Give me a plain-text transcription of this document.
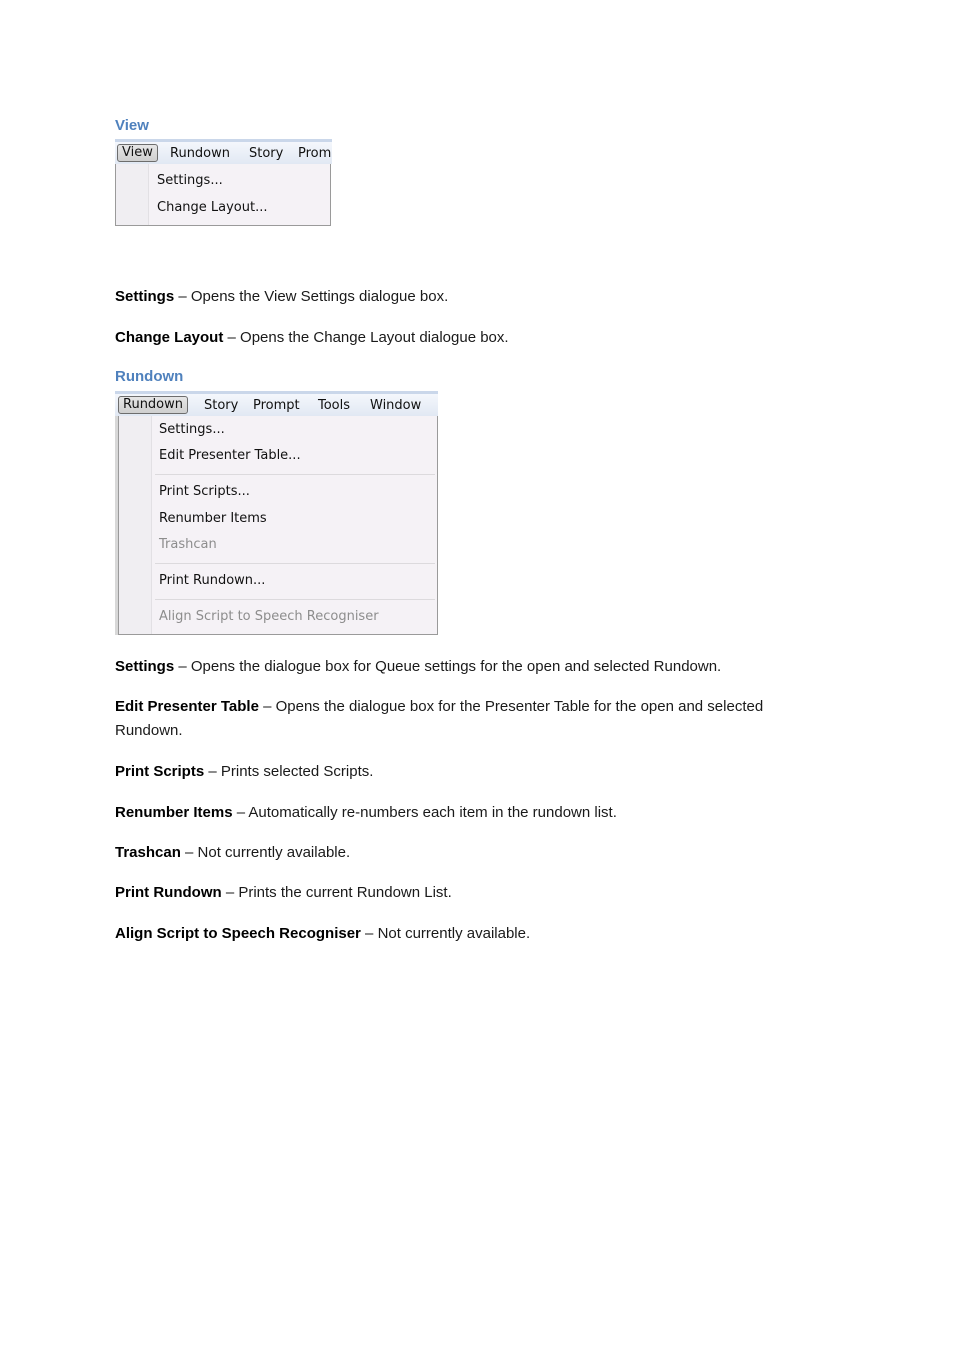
View
View	Rundown	Story	Prom
Settings...
Change Layout...
Settings – Opens the View Settings dialogue box.
Change Layout – Opens the Change Layout dialogue box.
Rundown
Rundown	Story	Prompt	Tools	Window
Settings...
Edit Presenter Table...
Print Scripts...
Renumber Items
Trashcan
Print Rundown...
Align Script to Speech Recogniser
Settings – Opens the dialogue box for Queue settings for the open and selected Rundown.
Edit Presenter Table – Opens the dialogue box for the Presenter Table for the open and selected Rundown.
Print Scripts – Prints selected Scripts.
Renumber Items – Automatically re-numbers each item in the rundown list.
Trashcan – Not currently available.
Print Rundown – Prints the current Rundown List.
Align Script to Speech Recogniser – Not currently available.
